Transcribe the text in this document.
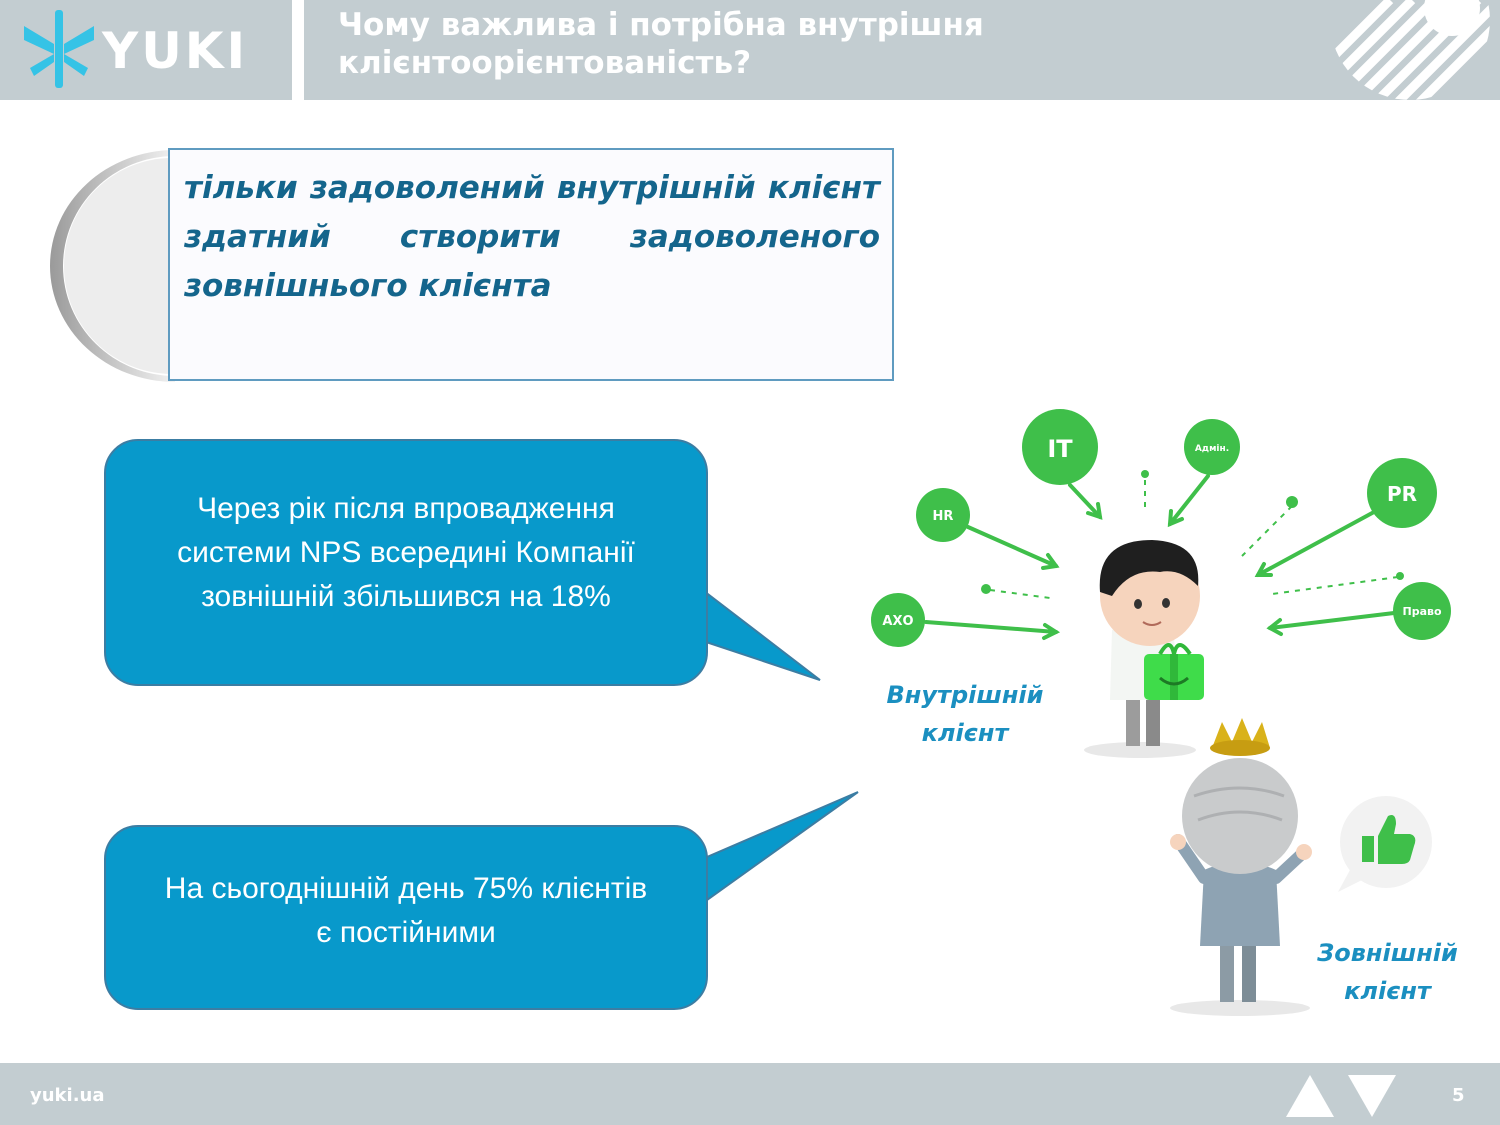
YUKI	Чому важлива і потрібна внутрішня
клієнтоорієнтованість?
тільки задоволений внутрішній клієнт здатний створити задоволеного зовнішнього клієнта
Через рік після впровадження
системи NPS всередині Компанії
зовнішній збільшився на 18%
На сьогоднішній день 75% клієнтів
є постійними
IT
HR
Адмін.
PR
АХО
Право
Внутрішній
клієнт
Зовнішній
клієнт
yuki.ua	5
